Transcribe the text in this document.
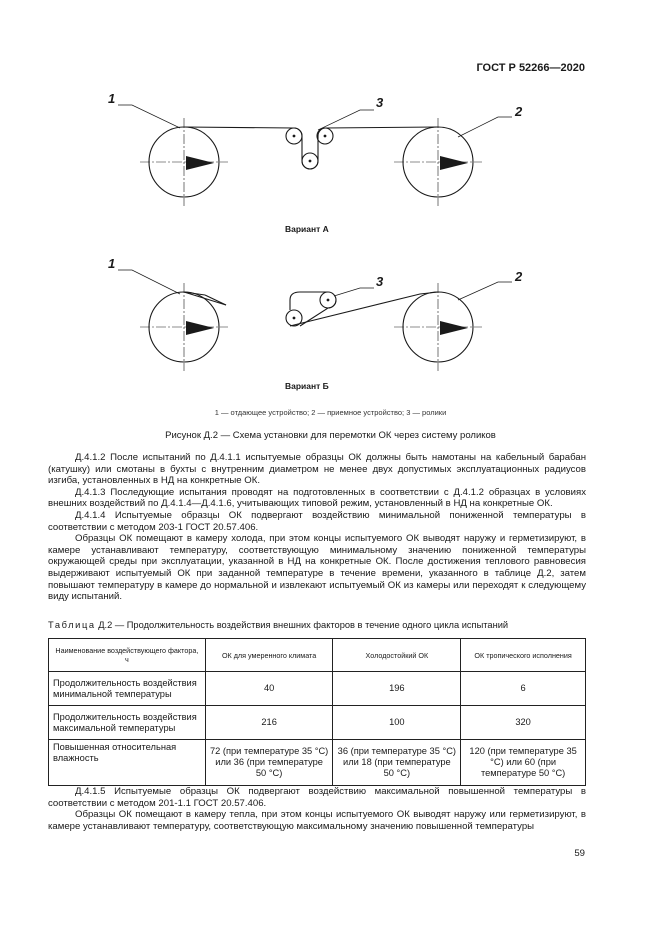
ГОСТ Р 52266—2020
1	3
2
1
3	2
Вариант А
Вариант Б
1 — отдающее устройство; 2 — приемное устройство; 3 — ролики
Рисунок Д.2 — Схема установки для перемотки ОК через систему роликов

Д.4.1.2 После испытаний по Д.4.1.1 испытуемые образцы ОК должны быть намотаны на кабельный барабан (катушку) или смотаны в бухты с внутренним диаметром не менее двух допустимых эксплуатационных радиусов изгиба, установленных в НД на конкретные ОК.

Д.4.1.3 Последующие испытания проводят на подготовленных в соответствии с Д.4.1.2 образцах в условиях внешних воздействий по Д.4.1.4—Д.4.1.6, учитывающих типовой режим, установленный в НД на конкретные ОК.

Д.4.1.4 Испытуемые образцы ОК подвергают воздействию минимальной пониженной температуры в соответствии с методом 203-1 ГОСТ 20.57.406.

Образцы ОК помещают в камеру холода, при этом концы испытуемого ОК выводят наружу и герметизируют, в камере устанавливают температуру, соответствующую минимальному значению пониженной температуры окружающей среды при эксплуатации, указанной в НД на конкретные ОК. После достижения теплового равновесия выдерживают испытуемый ОК при заданной температуре в течение времени, указанного в таблице Д.2, затем повышают температуру в камере до нормальной и извлекают испытуемый ОК из камеры или переходят к следующему виду испытаний.

Таблица Д.2 — Продолжительность воздействия внешних факторов в течение одного цикла испытаний
Наименование воздействующего фактора, ч	ОК для умеренного климата	Холодостойкий ОК	ОК тропического исполнения
Продолжительность воздействия минимальной температуры	40	196	6
Продолжительность воздействия максимальной температуры	216	100	320
Повышенная относительная влажность	72 (при температуре 35 °С) или 36 (при температуре 50 °С)	36 (при температуре 35 °С) или 18 (при температуре 50 °С)	120 (при температуре 35 °С) или 60 (при температуре 50 °С)

Д.4.1.5 Испытуемые образцы ОК подвергают воздействию максимальной повышенной температуры в соответствии с методом 201-1.1 ГОСТ 20.57.406.

Образцы ОК помещают в камеру тепла, при этом концы испытуемого ОК выводят наружу или герметизируют, в камере устанавливают температуру, соответствующую максимальному значению повышенной температуры

59
